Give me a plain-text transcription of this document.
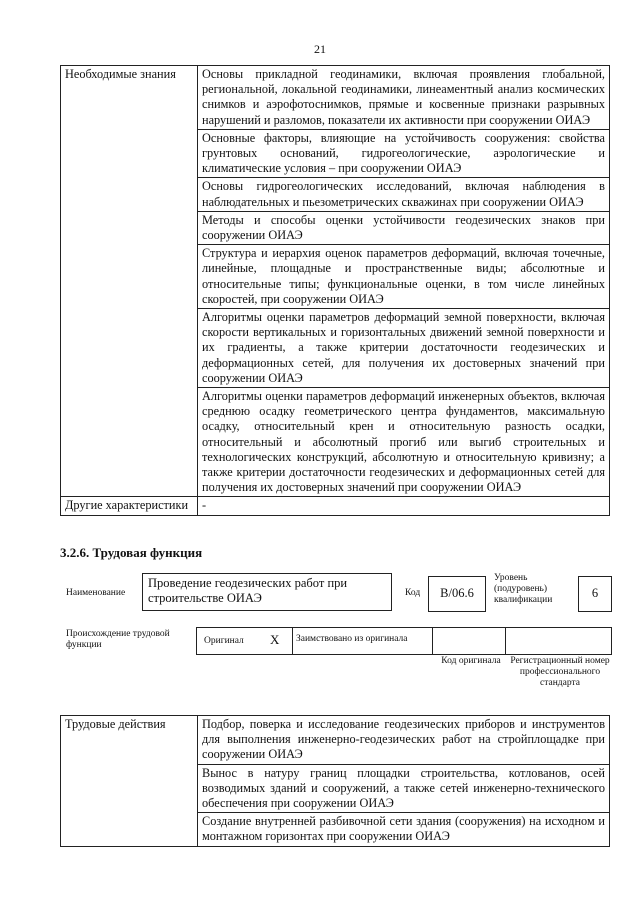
21
Необходимые знания	Основы прикладной геодинамики, включая проявления глобальной, региональной, локальной геодинамики, линеаментный анализ космических снимков и аэрофотоснимков, прямые и косвенные признаки разрывных нарушений и разломов, показатели их активности при сооружении ОИАЭ
	Основные факторы, влияющие на устойчивость сооружения: свойства грунтовых оснований, гидрогеологические, аэрологические и климатические условия – при сооружении ОИАЭ
	Основы гидрогеологических исследований, включая наблюдения в наблюдательных и пьезометрических скважинах при сооружении ОИАЭ
	Методы и способы оценки устойчивости геодезических знаков при сооружении ОИАЭ
	Структура и иерархия оценок параметров деформаций, включая точечные, линейные, площадные и пространственные виды; абсолютные и относительные типы; функциональные оценки, в том числе линейных скоростей, при сооружении ОИАЭ
	Алгоритмы оценки параметров деформаций земной поверхности, включая скорости вертикальных и горизонтальных движений земной поверхности и их градиенты, а также критерии достаточности геодезических и деформационных сетей, для получения их достоверных значений при сооружении ОИАЭ
	Алгоритмы оценки параметров деформаций инженерных объектов, включая среднюю осадку геометрического центра фундаментов, максимальную осадку, относительный крен и относительную разность осадки, относительный и абсолютный прогиб или выгиб строительных и технологических конструкций, абсолютную и относительную кривизну; а также критерии достаточности геодезических и деформационных сетей для получения их достоверных значений при сооружении ОИАЭ
Другие характеристики	-
3.2.6. Трудовая функция
Наименование
Проведение геодезических работ при строительстве ОИАЭ	Код	В/06.6
Уровень (подуровень) квалификации	6
Происхождение трудовой функции	Оригинал Х Заимствовано из оригинала
Код оригинала Регистрационный номер профессионального стандарта
Трудовые действия	Подбор, поверка и исследование геодезических приборов и инструментов для выполнения инженерно-геодезических работ на стройплощадке при сооружении ОИАЭ
Вынос в натуру границ площадки строительства, котлованов, осей возводимых зданий и сооружений, а также сетей инженерно-технического обеспечения при сооружении ОИАЭ
Создание внутренней разбивочной сети здания (сооружения) на исходном и монтажном горизонтах при сооружении ОИАЭ
